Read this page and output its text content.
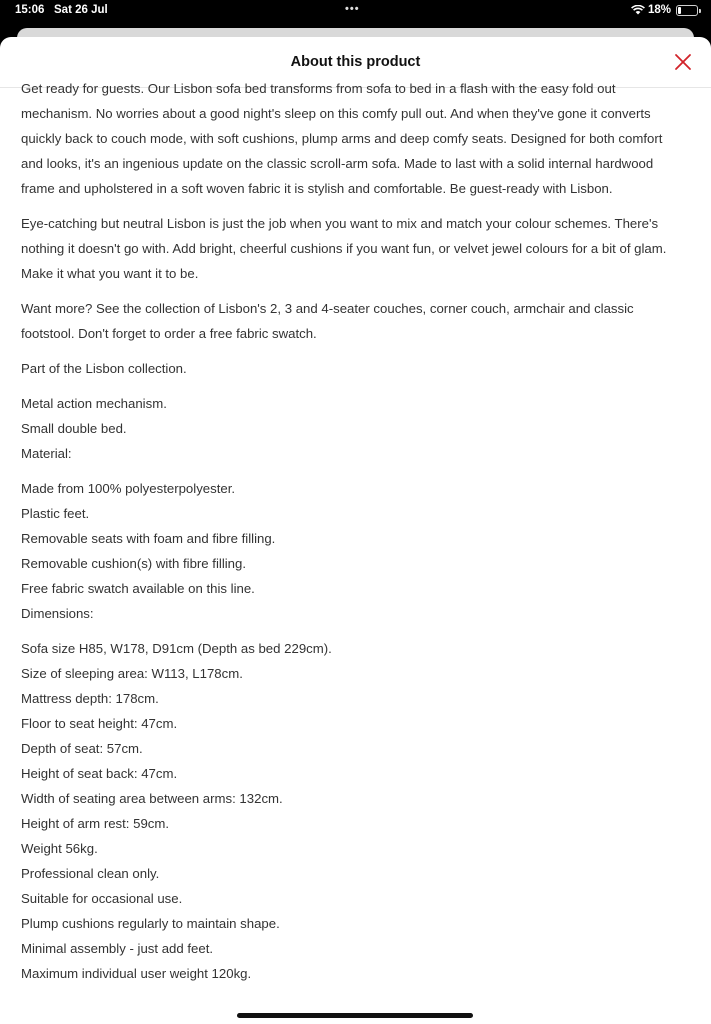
15:06 Sat 26 Jul	•••	18%
About this product
Get ready for guests. Our Lisbon sofa bed transforms from sofa to bed in a flash with the easy fold out
mechanism. No worries about a good night's sleep on this comfy pull out. And when they've gone it converts
quickly back to couch mode, with soft cushions, plump arms and deep comfy seats. Designed for both comfort
and looks, it's an ingenious update on the classic scroll-arm sofa. Made to last with a solid internal hardwood
frame and upholstered in a soft woven fabric it is stylish and comfortable. Be guest-ready with Lisbon.
Eye-catching but neutral Lisbon is just the job when you want to mix and match your colour schemes. There's
nothing it doesn't go with. Add bright, cheerful cushions if you want fun, or velvet jewel colours for a bit of glam.
Make it what you want it to be.
Want more? See the collection of Lisbon's 2, 3 and 4-seater couches, corner couch, armchair and classic
footstool. Don't forget to order a free fabric swatch.
Part of the Lisbon collection.
Metal action mechanism.
Small double bed.
Material:
Made from 100% polyesterpolyester.
Plastic feet.
Removable seats with foam and fibre filling.
Removable cushion(s) with fibre filling.
Free fabric swatch available on this line.
Dimensions:
Sofa size H85, W178, D91cm (Depth as bed 229cm).
Size of sleeping area: W113, L178cm.
Mattress depth: 178cm.
Floor to seat height: 47cm.
Depth of seat: 57cm.
Height of seat back: 47cm.
Width of seating area between arms: 132cm.
Height of arm rest: 59cm.
Weight 56kg.
Professional clean only.
Suitable for occasional use.
Plump cushions regularly to maintain shape.
Minimal assembly - just add feet.
Maximum individual user weight 120kg.
